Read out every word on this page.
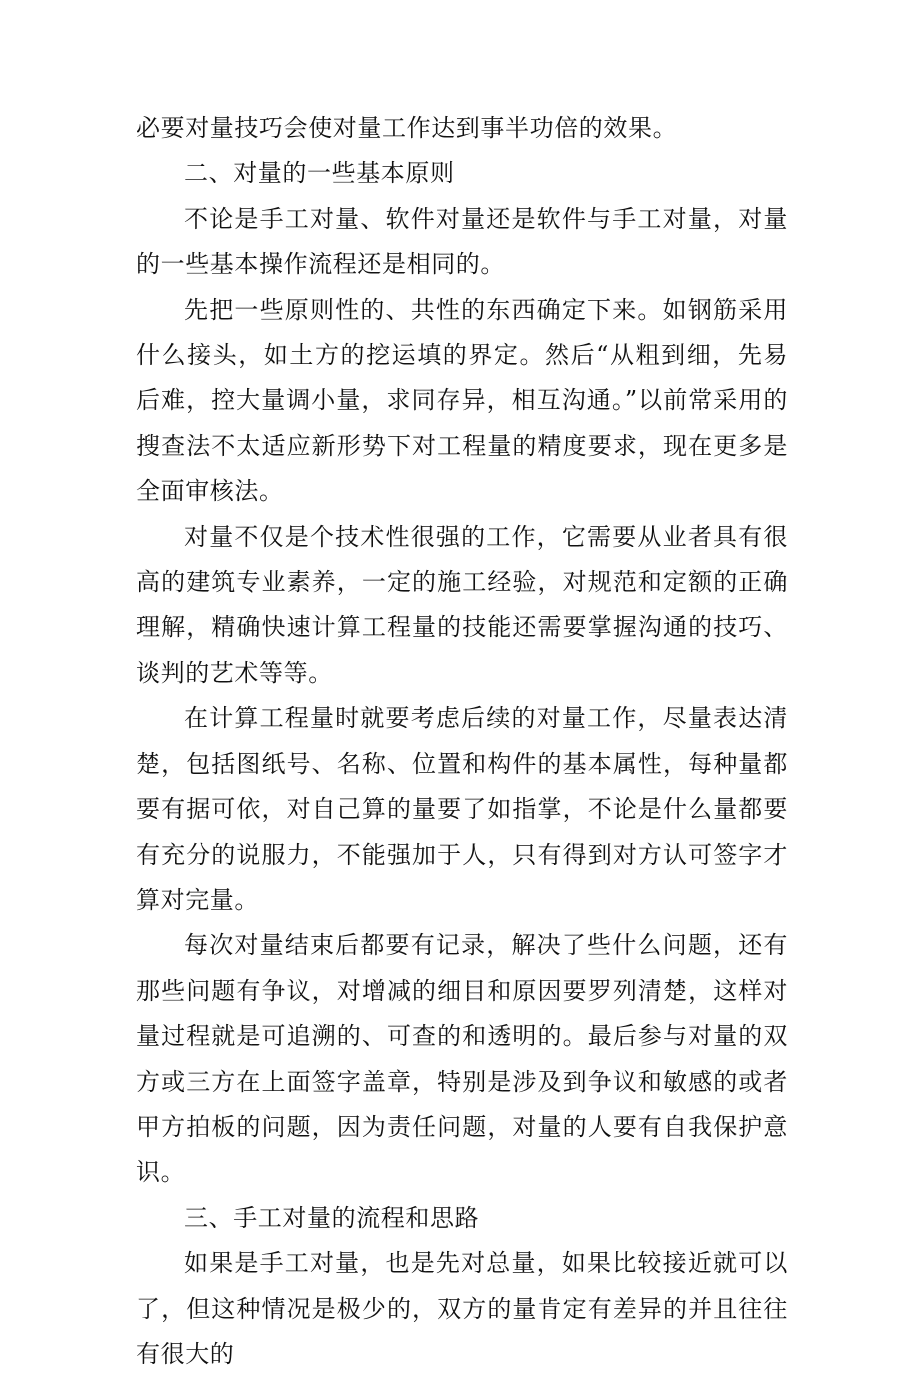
必要对量技巧会使对量工作达到事半功倍的效果。

二、对量的一些基本原则

不论是手工对量、软件对量还是软件与手工对量，对量的一些基本操作流程还是相同的。

先把一些原则性的、共性的东西确定下来。如钢筋采用什么接头，如土方的挖运填的界定。然后“从粗到细，先易后难，控大量调小量，求同存异，相互沟通。”以前常采用的搜查法不太适应新形势下对工程量的精度要求，现在更多是全面审核法。

对量不仅是个技术性很强的工作，它需要从业者具有很高的建筑专业素养，一定的施工经验，对规范和定额的正确理解，精确快速计算工程量的技能还需要掌握沟通的技巧、谈判的艺术等等。

在计算工程量时就要考虑后续的对量工作，尽量表达清楚，包括图纸号、名称、位置和构件的基本属性，每种量都要有据可依，对自己算的量要了如指掌，不论是什么量都要有充分的说服力，不能强加于人，只有得到对方认可签字才算对完量。

每次对量结束后都要有记录，解决了些什么问题，还有那些问题有争议，对增减的细目和原因要罗列清楚，这样对量过程就是可追溯的、可查的和透明的。最后参与对量的双方或三方在上面签字盖章，特别是涉及到争议和敏感的或者甲方拍板的问题，因为责任问题，对量的人要有自我保护意识。

三、手工对量的流程和思路

如果是手工对量，也是先对总量，如果比较接近就可以了，但这种情况是极少的，双方的量肯定有差异的并且往往有很大的
